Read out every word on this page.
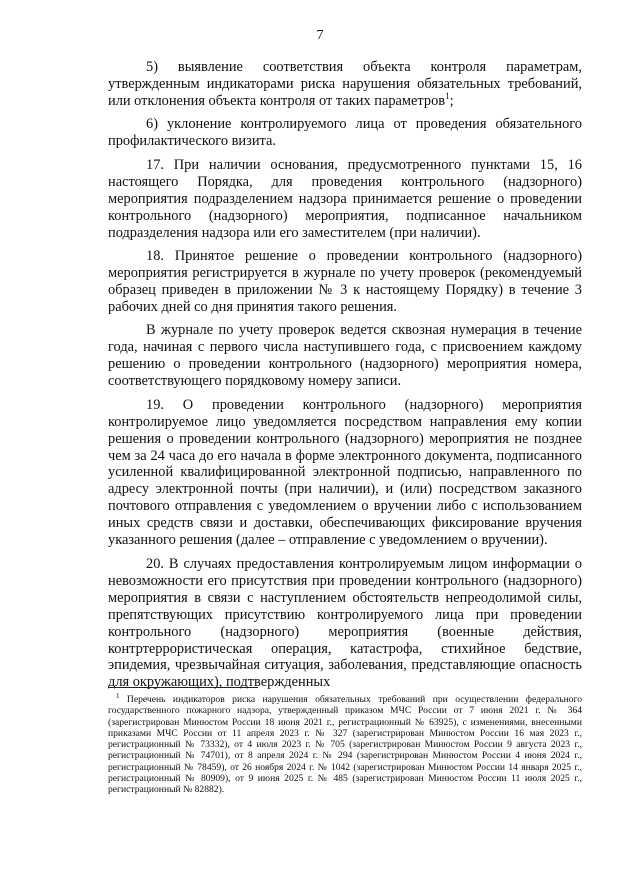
7

5) выявление соответствия объекта контроля параметрам, утвержденным индикаторами риска нарушения обязательных требований, или отклонения объекта контроля от таких параметров$^1$;

6) уклонение контролируемого лица от проведения обязательного профилактического визита.

17. При наличии основания, предусмотренного пунктами 15, 16 настоящего Порядка, для проведения контрольного (надзорного) мероприятия подразделением надзора принимается решение о проведении контрольного (надзорного) мероприятия, подписанное начальником подразделения надзора или его заместителем (при наличии).

18. Принятое решение о проведении контрольного (надзорного) мероприятия регистрируется в журнале по учету проверок (рекомендуемый образец приведен в приложении № 3 к настоящему Порядку) в течение 3 рабочих дней со дня принятия такого решения.

В журнале по учету проверок ведется сквозная нумерация в течение года, начиная с первого числа наступившего года, с присвоением каждому решению о проведении контрольного (надзорного) мероприятия номера, соответствующего порядковому номеру записи.

19. О проведении контрольного (надзорного) мероприятия контролируемое лицо уведомляется посредством направления ему копии решения о проведении контрольного (надзорного) мероприятия не позднее чем за 24 часа до его начала в форме электронного документа, подписанного усиленной квалифицированной электронной подписью, направленного по адресу электронной почты (при наличии), и (или) посредством заказного почтового отправления с уведомлением о вручении либо с использованием иных средств связи и доставки, обеспечивающих фиксирование вручения указанного решения (далее – отправление с уведомлением о вручении).

20. В случаях предоставления контролируемым лицом информации о невозможности его присутствия при проведении контрольного (надзорного) мероприятия в связи с наступлением обстоятельств непреодолимой силы, препятствующих присутствию контролируемого лица при проведении контрольного (надзорного) мероприятия (военные действия, контртеррористическая операция, катастрофа, стихийное бедствие, эпидемия, чрезвычайная ситуация, заболевания, представляющие опасность для окружающих), подтвержденных

$^1$ Перечень индикаторов риска нарушения обязательных требований при осуществлении федерального государственного пожарного надзора, утвержденный приказом МЧС России от 7 июня 2021 г. № 364 (зарегистрирован Минюстом России 18 июня 2021 г., регистрационный № 63925), с изменениями, внесенными приказами МЧС России от 11 апреля 2023 г. № 327 (зарегистрирован Минюстом России 16 мая 2023 г., регистрационный № 73332), от 4 июля 2023 г. № 705 (зарегистрирован Минюстом России 9 августа 2023 г., регистрационный № 74701), от 8 апреля 2024 г. № 294 (зарегистрирован Минюстом России 4 июня 2024 г., регистрационный № 78459), от 26 ноября 2024 г. № 1042 (зарегистрирован Минюстом России 14 января 2025 г., регистрационный № 80909), от 9 июня 2025 г. № 485 (зарегистрирован Минюстом России 11 июля 2025 г., регистрационный № 82882).
